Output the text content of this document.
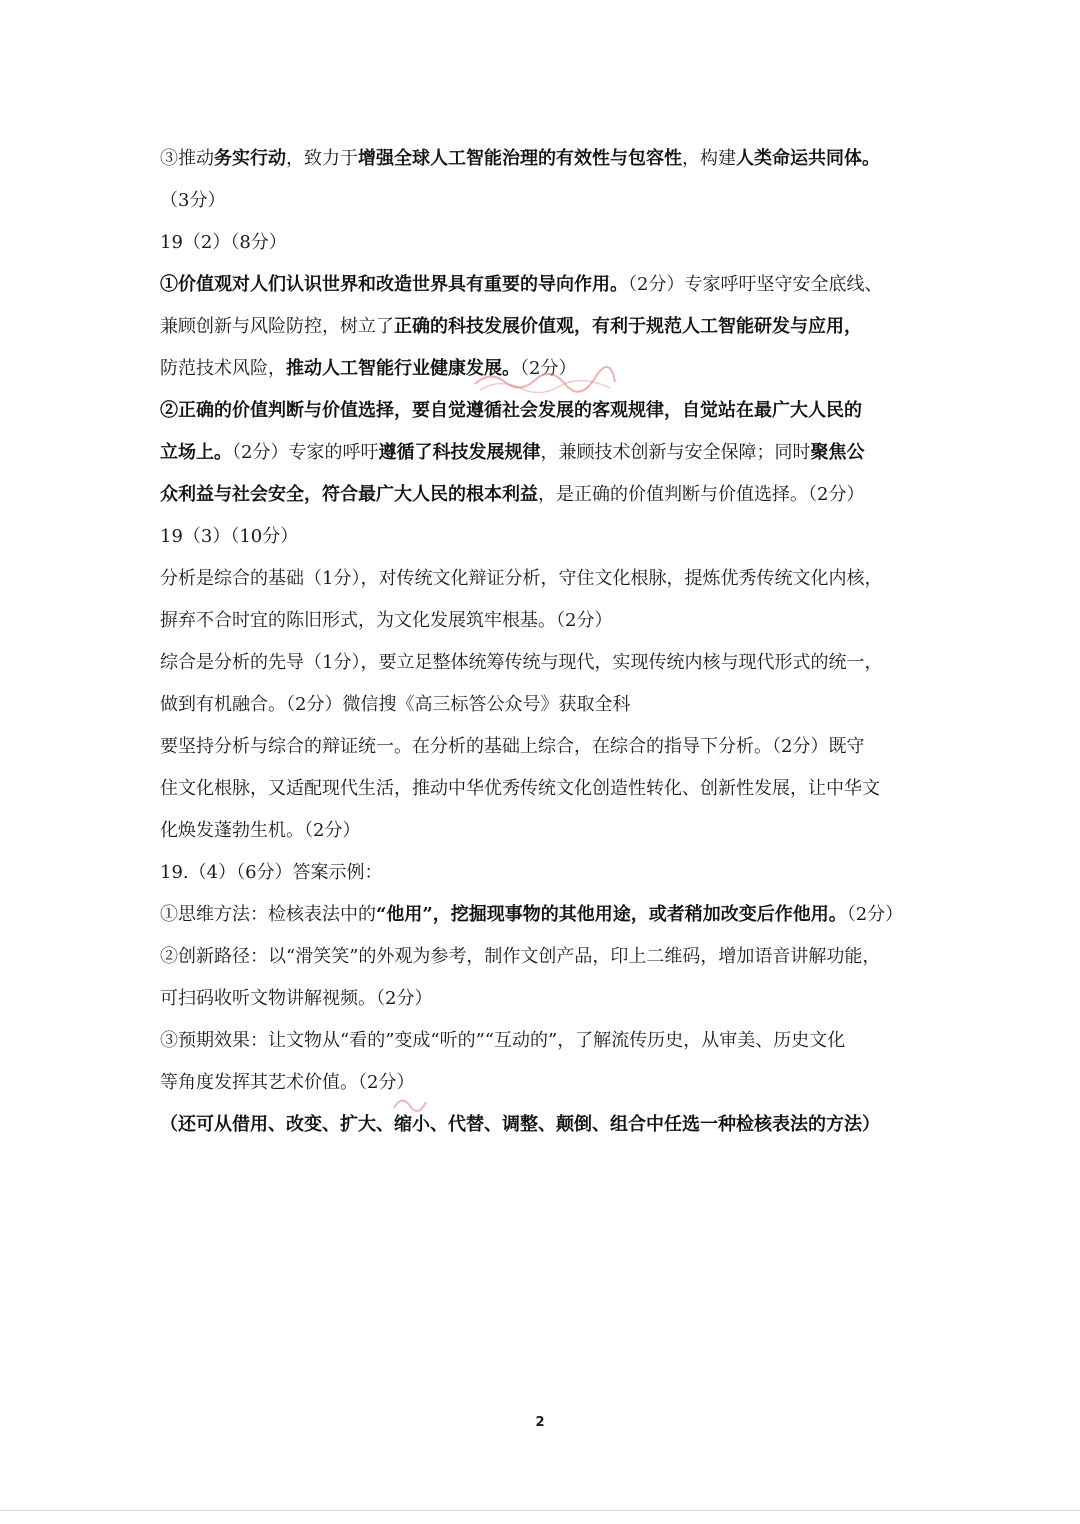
③推动务实行动，致力于增强全球人工智能治理的有效性与包容性，构建人类命运共同体。
（3分）
19（2）（8分）
①价值观对人们认识世界和改造世界具有重要的导向作用。（2分）专家呼吁坚守安全底线、
兼顾创新与风险防控，树立了正确的科技发展价值观，有利于规范人工智能研发与应用，
防范技术风险，推动人工智能行业健康发展。（2分）
②正确的价值判断与价值选择，要自觉遵循社会发展的客观规律，自觉站在最广大人民的
立场上。（2分）专家的呼吁遵循了科技发展规律，兼顾技术创新与安全保障；同时聚焦公
众利益与社会安全，符合最广大人民的根本利益，是正确的价值判断与价值选择。（2分）
19（3）（10分）
分析是综合的基础（1分），对传统文化辩证分析，守住文化根脉，提炼优秀传统文化内核，
摒弃不合时宜的陈旧形式，为文化发展筑牢根基。（2分）
综合是分析的先导（1分），要立足整体统筹传统与现代，实现传统内核与现代形式的统一，
做到有机融合。（2分）微信搜《高三标答公众号》获取全科
要坚持分析与综合的辩证统一。在分析的基础上综合，在综合的指导下分析。（2分）既守
住文化根脉，又适配现代生活，推动中华优秀传统文化创造性转化、创新性发展，让中华文
化焕发蓬勃生机。（2分）
19.（4）（6分）答案示例：
①思维方法：检核表法中的“他用”，挖掘现事物的其他用途，或者稍加改变后作他用。（2分）
②创新路径：以“滑笑笑”的外观为参考，制作文创产品，印上二维码，增加语音讲解功能，
可扫码收听文物讲解视频。（2分）
③预期效果：让文物从“看的”变成“听的”“互动的”，了解流传历史，从审美、历史文化
等角度发挥其艺术价值。（2分）
（还可从借用、改变、扩大、缩小、代替、调整、颠倒、组合中任选一种检核表法的方法）
2
